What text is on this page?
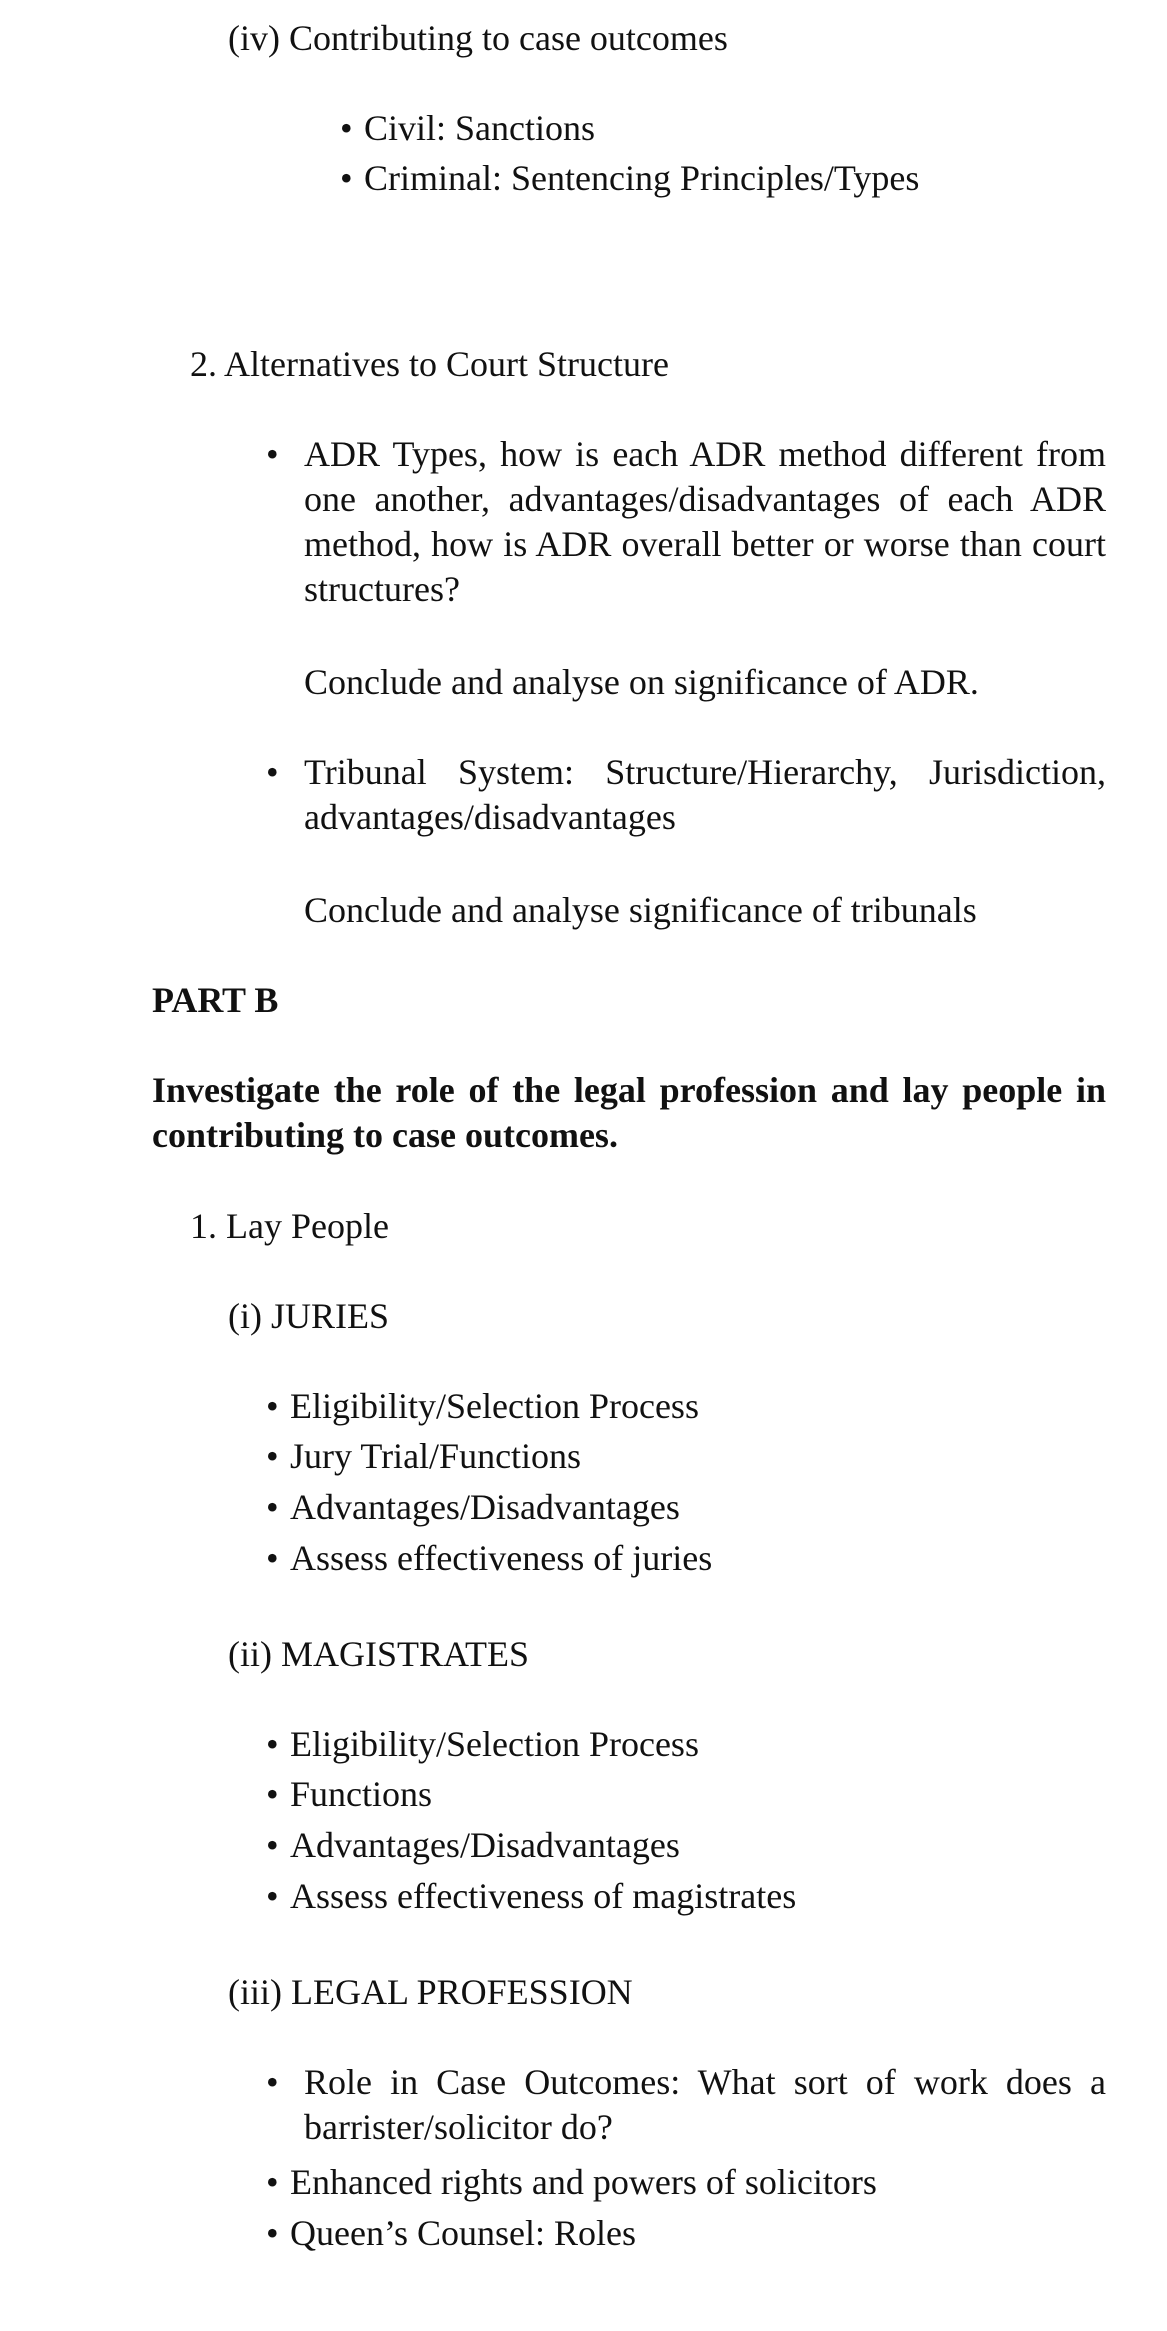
(iv) Contributing to case outcomes
• Civil: Sanctions
• Criminal: Sentencing Principles/Types
2. Alternatives to Court Structure
• ADR Types, how is each ADR method different from one another, advantages/disadvantages of each ADR method, how is ADR overall better or worse than court structures?
Conclude and analyse on significance of ADR.
• Tribunal System: Structure/Hierarchy, Jurisdiction, advantages/disadvantages
Conclude and analyse significance of tribunals
PART B
Investigate the role of the legal profession and lay people in contributing to case outcomes.
1. Lay People
(i) JURIES
• Eligibility/Selection Process
• Jury Trial/Functions
• Advantages/Disadvantages
• Assess effectiveness of juries
(ii) MAGISTRATES
• Eligibility/Selection Process
• Functions
• Advantages/Disadvantages
• Assess effectiveness of magistrates
(iii) LEGAL PROFESSION
• Role in Case Outcomes: What sort of work does a barrister/solicitor do?
• Enhanced rights and powers of solicitors
• Queen’s Counsel: Roles
